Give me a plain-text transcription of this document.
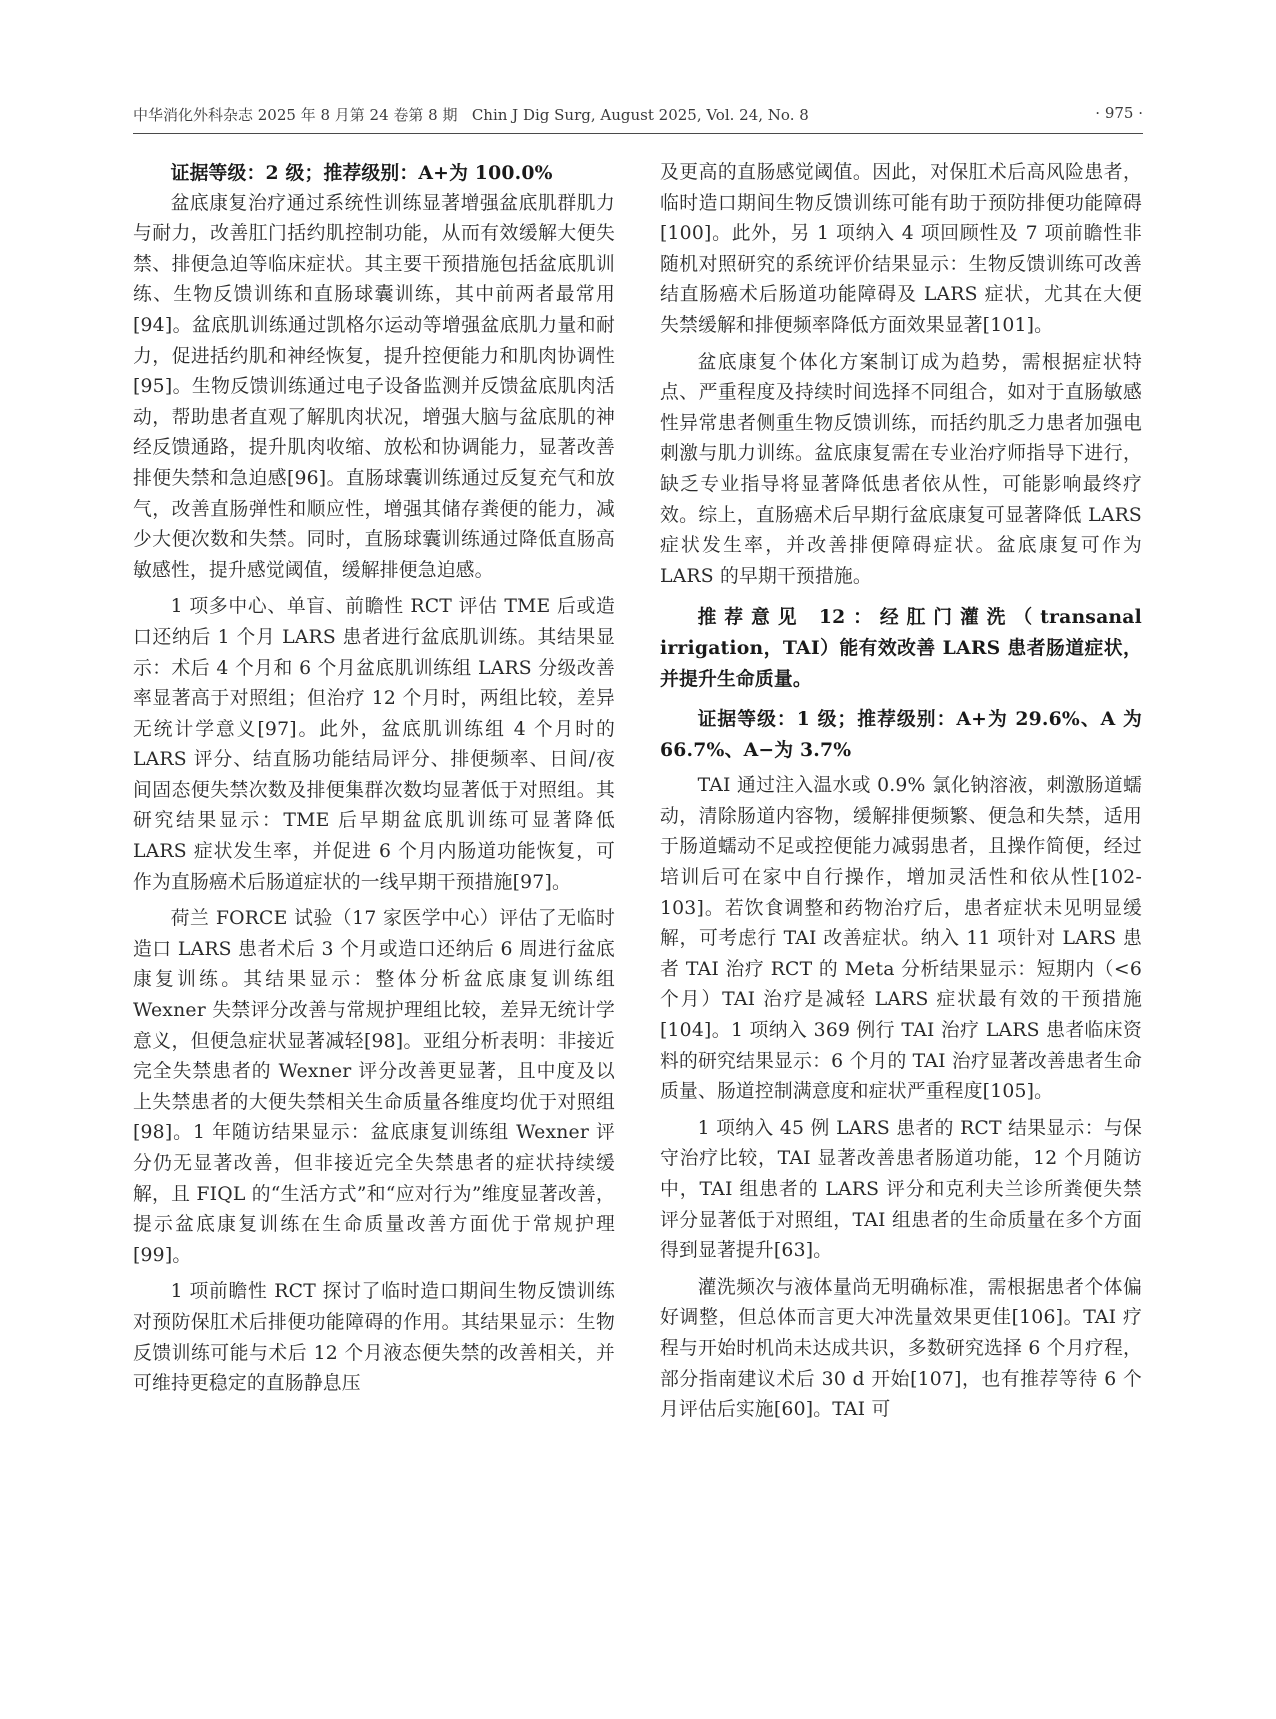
中华消化外科杂志 2025 年 8 月第 24 卷第 8 期 Chin J Dig Surg, August 2025, Vol. 24, No. 8	· 975 ·

证据等级：2 级；推荐级别：A+为 100.0%

盆底康复治疗通过系统性训练显著增强盆底肌群肌力与耐力，改善肛门括约肌控制功能，从而有效缓解大便失禁、排便急迫等临床症状。其主要干预措施包括盆底肌训练、生物反馈训练和直肠球囊训练，其中前两者最常用[94]。盆底肌训练通过凯格尔运动等增强盆底肌力量和耐力，促进括约肌和神经恢复，提升控便能力和肌肉协调性[95]。生物反馈训练通过电子设备监测并反馈盆底肌肉活动，帮助患者直观了解肌肉状况，增强大脑与盆底肌的神经反馈通路，提升肌肉收缩、放松和协调能力，显著改善排便失禁和急迫感[96]。直肠球囊训练通过反复充气和放气，改善直肠弹性和顺应性，增强其储存粪便的能力，减少大便次数和失禁。同时，直肠球囊训练通过降低直肠高敏感性，提升感觉阈值，缓解排便急迫感。

1 项多中心、单盲、前瞻性 RCT 评估 TME 后或造口还纳后 1 个月 LARS 患者进行盆底肌训练。其结果显示：术后 4 个月和 6 个月盆底肌训练组 LARS 分级改善率显著高于对照组；但治疗 12 个月时，两组比较，差异无统计学意义[97]。此外，盆底肌训练组 4 个月时的 LARS 评分、结直肠功能结局评分、排便频率、日间/夜间固态便失禁次数及排便集群次数均显著低于对照组。其研究结果显示：TME 后早期盆底肌训练可显著降低 LARS 症状发生率，并促进 6 个月内肠道功能恢复，可作为直肠癌术后肠道症状的一线早期干预措施[97]。

荷兰 FORCE 试验（17 家医学中心）评估了无临时造口 LARS 患者术后 3 个月或造口还纳后 6 周进行盆底康复训练。其结果显示：整体分析盆底康复训练组 Wexner 失禁评分改善与常规护理组比较，差异无统计学意义，但便急症状显著减轻[98]。亚组分析表明：非接近完全失禁患者的 Wexner 评分改善更显著，且中度及以上失禁患者的大便失禁相关生命质量各维度均优于对照组[98]。1 年随访结果显示：盆底康复训练组 Wexner 评分仍无显著改善，但非接近完全失禁患者的症状持续缓解，且 FIQL 的“生活方式”和“应对行为”维度显著改善，提示盆底康复训练在生命质量改善方面优于常规护理[99]。

1 项前瞻性 RCT 探讨了临时造口期间生物反馈训练对预防保肛术后排便功能障碍的作用。其结果显示：生物反馈训练可能与术后 12 个月液态便失禁的改善相关，并可维持更稳定的直肠静息压

及更高的直肠感觉阈值。因此，对保肛术后高风险患者，临时造口期间生物反馈训练可能有助于预防排便功能障碍[100]。此外，另 1 项纳入 4 项回顾性及 7 项前瞻性非随机对照研究的系统评价结果显示：生物反馈训练可改善结直肠癌术后肠道功能障碍及 LARS 症状，尤其在大便失禁缓解和排便频率降低方面效果显著[101]。

盆底康复个体化方案制订成为趋势，需根据症状特点、严重程度及持续时间选择不同组合，如对于直肠敏感性异常患者侧重生物反馈训练，而括约肌乏力患者加强电刺激与肌力训练。盆底康复需在专业治疗师指导下进行，缺乏专业指导将显著降低患者依从性，可能影响最终疗效。综上，直肠癌术后早期行盆底康复可显著降低 LARS 症状发生率，并改善排便障碍症状。盆底康复可作为 LARS 的早期干预措施。

推荐意见 12：经肛门灌洗（transanal irrigation，TAI）能有效改善 LARS 患者肠道症状，并提升生命质量。

证据等级：1 级；推荐级别：A+为 29.6%、A 为 66.7%、A−为 3.7%

TAI 通过注入温水或 0.9% 氯化钠溶液，刺激肠道蠕动，清除肠道内容物，缓解排便频繁、便急和失禁，适用于肠道蠕动不足或控便能力减弱患者，且操作简便，经过培训后可在家中自行操作，增加灵活性和依从性[102-103]。若饮食调整和药物治疗后，患者症状未见明显缓解，可考虑行 TAI 改善症状。纳入 11 项针对 LARS 患者 TAI 治疗 RCT 的 Meta 分析结果显示：短期内（<6 个月）TAI 治疗是减轻 LARS 症状最有效的干预措施[104]。1 项纳入 369 例行 TAI 治疗 LARS 患者临床资料的研究结果显示：6 个月的 TAI 治疗显著改善患者生命质量、肠道控制满意度和症状严重程度[105]。

1 项纳入 45 例 LARS 患者的 RCT 结果显示：与保守治疗比较，TAI 显著改善患者肠道功能，12 个月随访中，TAI 组患者的 LARS 评分和克利夫兰诊所粪便失禁评分显著低于对照组，TAI 组患者的生命质量在多个方面得到显著提升[63]。

灌洗频次与液体量尚无明确标准，需根据患者个体偏好调整，但总体而言更大冲洗量效果更佳[106]。TAI 疗程与开始时机尚未达成共识，多数研究选择 6 个月疗程，部分指南建议术后 30 d 开始[107]，也有推荐等待 6 个月评估后实施[60]。TAI 可
